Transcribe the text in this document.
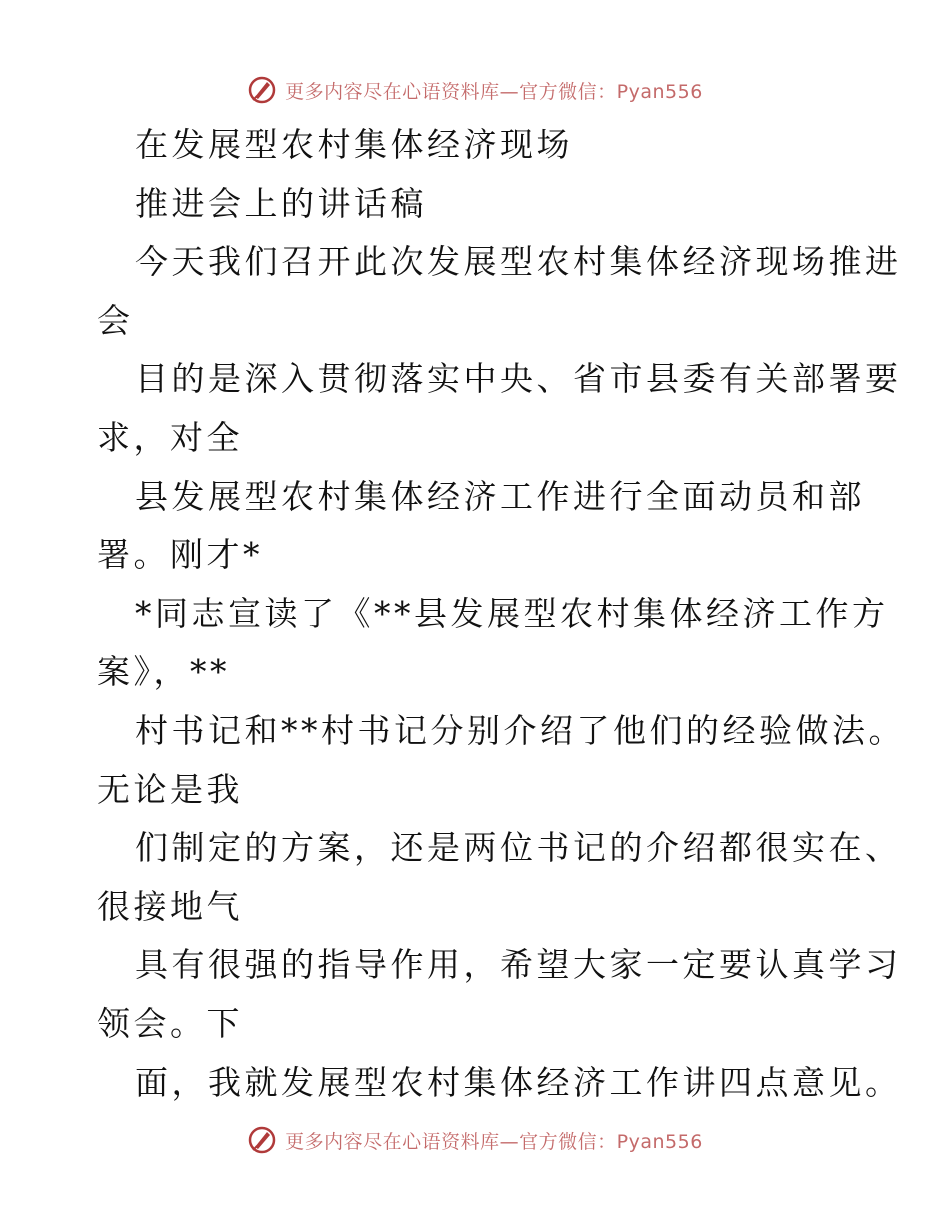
更多内容尽在心语资料库—官方微信：Pyan556
在发展型农村集体经济现场
推进会上的讲话稿
今天我们召开此次发展型农村集体经济现场推进
会
目的是深入贯彻落实中央、省市县委有关部署要
求，对全
县发展型农村集体经济工作进行全面动员和部
署。刚才*
*同志宣读了《**县发展型农村集体经济工作方
案》，**
村书记和**村书记分别介绍了他们的经验做法。
无论是我
们制定的方案，还是两位书记的介绍都很实在、
很接地气
具有很强的指导作用，希望大家一定要认真学习
领会。下
面，我就发展型农村集体经济工作讲四点意见。
更多内容尽在心语资料库—官方微信：Pyan556
